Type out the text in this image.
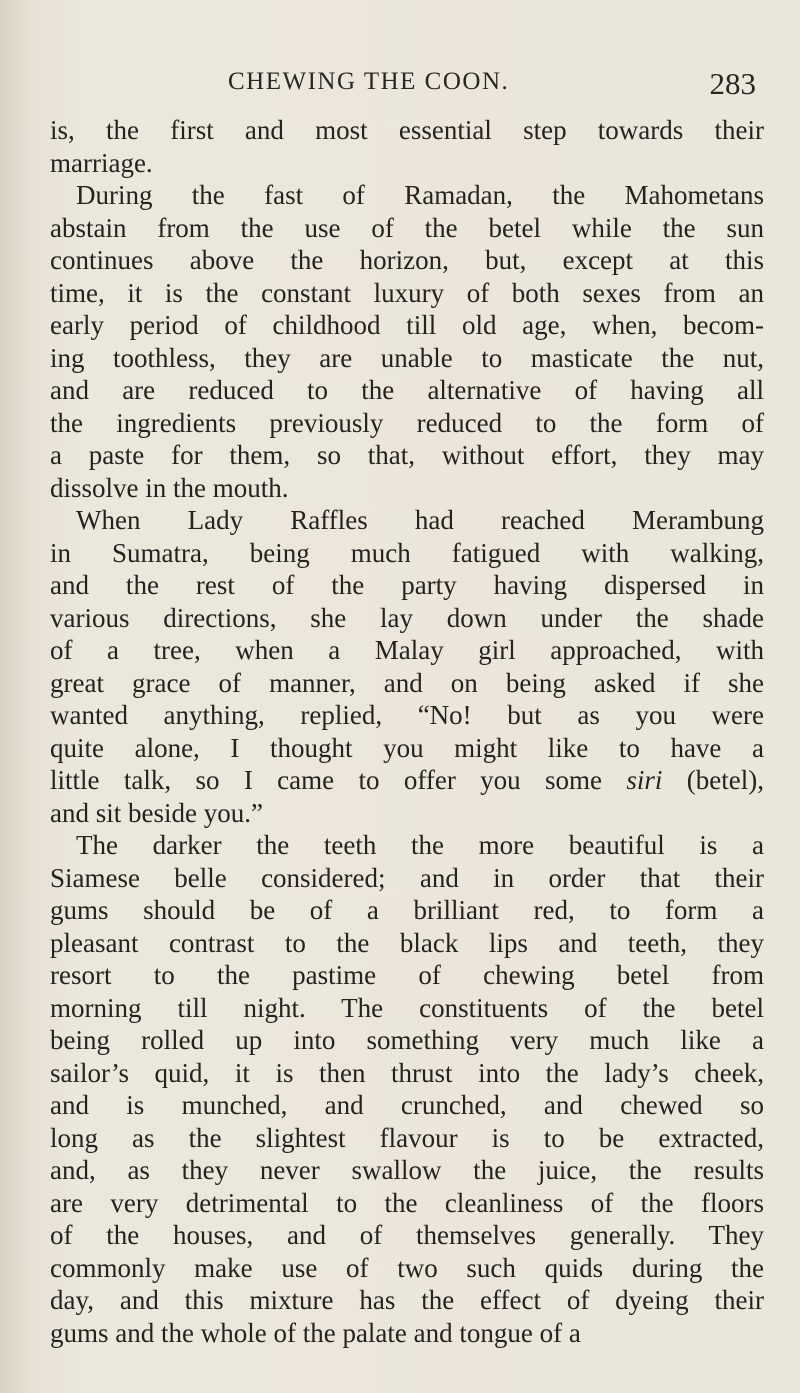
CHEWING THE COON.	283
is, the first and most essential step towards their
marriage.
During the fast of Ramadan, the Mahometans
abstain from the use of the betel while the sun
continues above the horizon, but, except at this
time, it is the constant luxury of both sexes from an
early period of childhood till old age, when, becom-
ing toothless, they are unable to masticate the nut,
and are reduced to the alternative of having all
the ingredients previously reduced to the form of
a paste for them, so that, without effort, they may
dissolve in the mouth.
When Lady Raffles had reached Merambung
in Sumatra, being much fatigued with walking,
and the rest of the party having dispersed in
various directions, she lay down under the shade
of a tree, when a Malay girl approached, with
great grace of manner, and on being asked if she
wanted anything, replied, “No! but as you were
quite alone, I thought you might like to have a
little talk, so I came to offer you some siri (betel),
and sit beside you.”
The darker the teeth the more beautiful is a
Siamese belle considered; and in order that their
gums should be of a brilliant red, to form a
pleasant contrast to the black lips and teeth, they
resort to the pastime of chewing betel from
morning till night. The constituents of the betel
being rolled up into something very much like a
sailor’s quid, it is then thrust into the lady’s cheek,
and is munched, and crunched, and chewed so
long as the slightest flavour is to be extracted,
and, as they never swallow the juice, the results
are very detrimental to the cleanliness of the floors
of the houses, and of themselves generally. They
commonly make use of two such quids during the
day, and this mixture has the effect of dyeing their
gums and the whole of the palate and tongue of a
